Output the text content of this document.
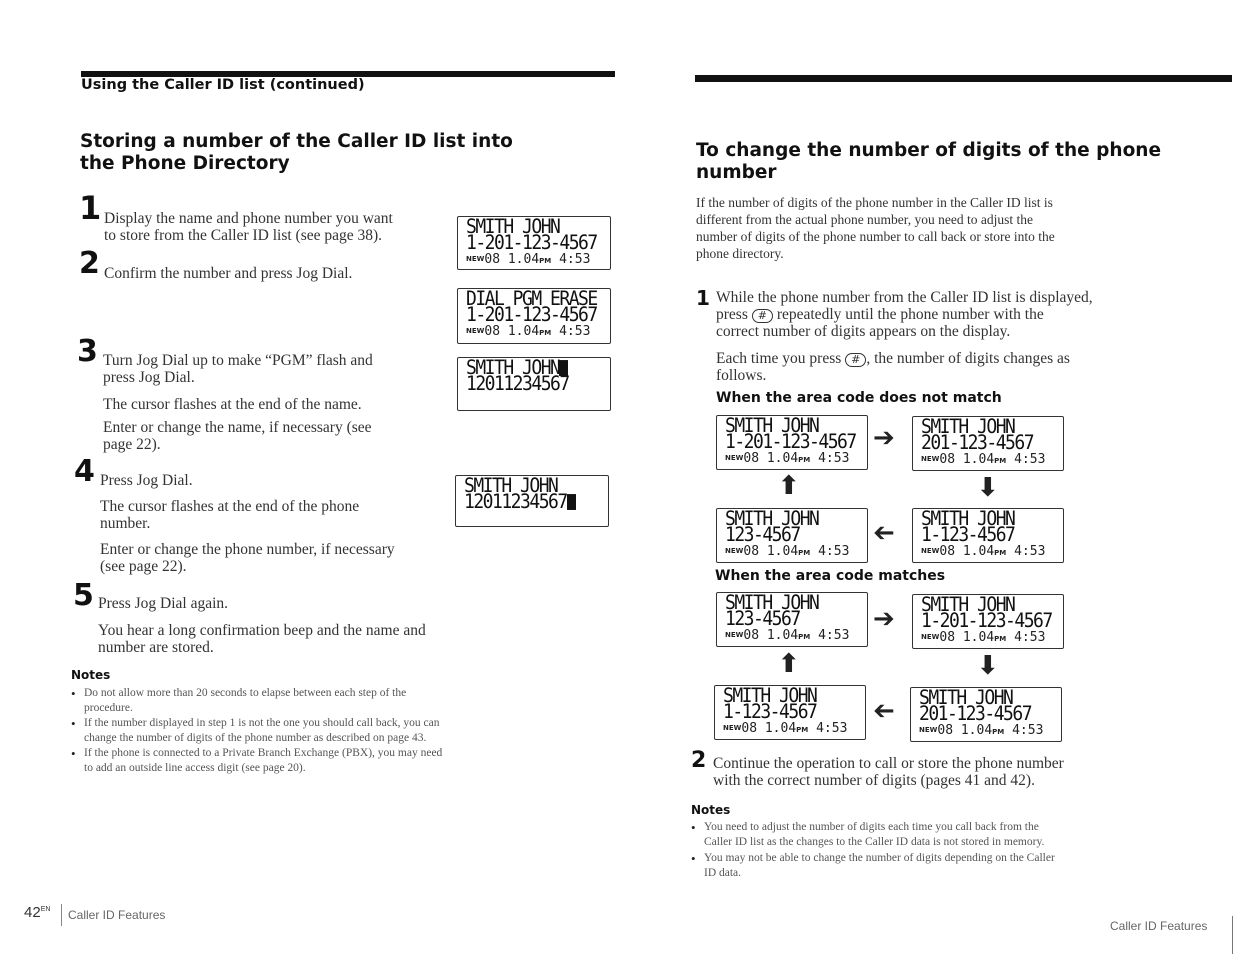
Using the Caller ID list (continued)
Storing a number of the Caller ID list into
the Phone Directory
1 Display the name and phone number you want
to store from the Caller ID list (see page 38).
2 Confirm the number and press Jog Dial.
3 Turn Jog Dial up to make “PGM” flash and
press Jog Dial.
The cursor flashes at the end of the name.
Enter or change the name, if necessary (see
page 22).
4 Press Jog Dial.
The cursor flashes at the end of the phone
number.
Enter or change the phone number, if necessary
(see page 22).
5 Press Jog Dial again.
You hear a long confirmation beep and the name and
number are stored.
Notes
• Do not allow more than 20 seconds to elapse between each step of the
procedure.
• If the number displayed in step 1 is not the one you should call back, you can
change the number of digits of the phone number as described on page 43.
• If the phone is connected to a Private Branch Exchange (PBX), you may need
to add an outside line access digit (see page 20).
SMITH JOHN
1-201-123-4567
$^{NEW}$08 1.04PM 4:53
DIAL PGM ERASE
1-201-123-4567
$^{NEW}$08 1.04PM 4:53
SMITH JOHN
12011234567
SMITH JOHN
12011234567
To change the number of digits of the phone
number
If the number of digits of the phone number in the Caller ID list is
different from the actual phone number, you need to adjust the
number of digits of the phone number to call back or store into the
phone directory.
1 While the phone number from the Caller ID list is displayed,
press # repeatedly until the phone number with the
correct number of digits appears on the display.
Each time you press # , the number of digits changes as
follows.
When the area code does not match
SMITH JOHN
1-201-123-4567
$^{NEW}$08 1.04PM 4:53
➔ SMITH JOHN
201-123-4567
$^{NEW}$08 1.04PM 4:53
⬆	⬇
SMITH JOHN
123-4567
$^{NEW}$08 1.04PM 4:53
➔ SMITH JOHN
1-123-4567
$^{NEW}$08 1.04PM 4:53
When the area code matches
SMITH JOHN
123-4567
$^{NEW}$08 1.04PM 4:53
➔ SMITH JOHN
1-201-123-4567
$^{NEW}$08 1.04PM 4:53
⬆	⬇
SMITH JOHN
1-123-4567
$^{NEW}$08 1.04PM 4:53
➔ SMITH JOHN
201-123-4567
$^{NEW}$08 1.04PM 4:53
2 Continue the operation to call or store the phone number
with the correct number of digits (pages 41 and 42).
Notes
• You need to adjust the number of digits each time you call back from the
Caller ID list as the changes to the Caller ID data is not stored in memory.
• You may not be able to change the number of digits depending on the Caller
ID data.
$42^{EN}$ Caller ID Features
Caller ID Features
